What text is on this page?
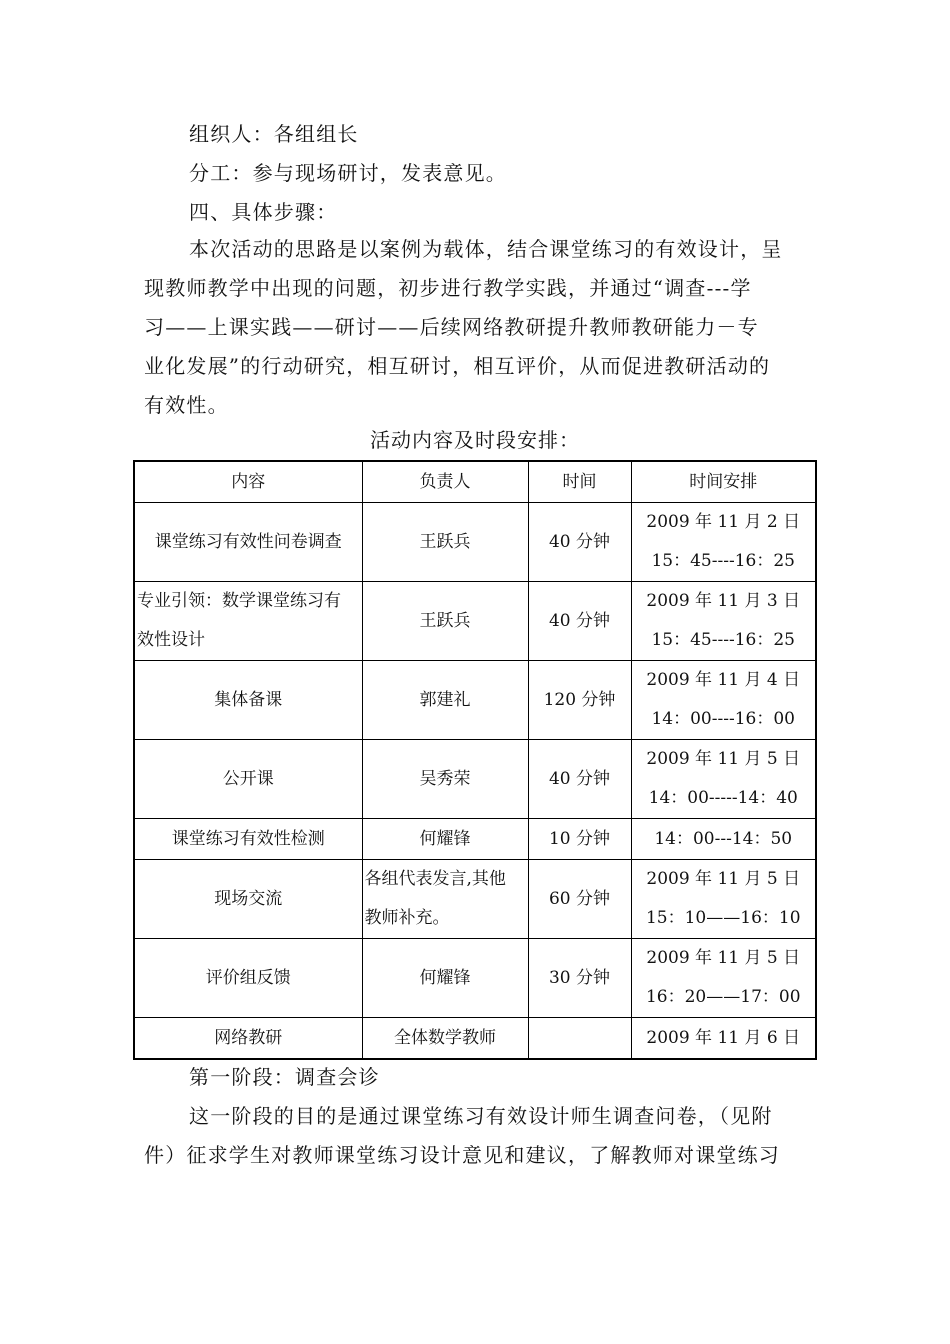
组织人：各组组长

分工：参与现场研讨，发表意见。

四、具体步骤：

本次活动的思路是以案例为载体，结合课堂练习的有效设计，呈

现教师教学中出现的问题，初步进行教学实践，并通过“调查---学

习——上课实践——研讨——后续网络教研提升教师教研能力－专

业化发展”的行动研究，相互研讨，相互评价，从而促进教研活动的

有效性。

活动内容及时段安排：
内容	负责人	时间	时间安排

课堂练习有效性问卷调查	王跃兵	40 分钟	2009 年 11 月 2 日
15：45----16：25

专业引领：数学课堂练习有
效性设计	王跃兵	40 分钟	2009 年 11 月 3 日
15：45----16：25

集体备课	郭建礼	120 分钟	2009 年 11 月 4 日
14：00----16：00

公开课	吴秀荣	40 分钟	2009 年 11 月 5 日
14：00-----14：40

课堂练习有效性检测	何耀锋	10 分钟	14：00---14：50

现场交流	各组代表发言,其他
教师补充。	60 分钟	2009 年 11 月 5 日
15：10——16：10

评价组反馈	何耀锋	30 分钟	2009 年 11 月 5 日
16：20——17：00

网络教研	全体数学教师		2009 年 11 月 6 日

第一阶段：调查会诊

这一阶段的目的是通过课堂练习有效设计师生调查问卷，（见附

件）征求学生对教师课堂练习设计意见和建议，了解教师对课堂练习
